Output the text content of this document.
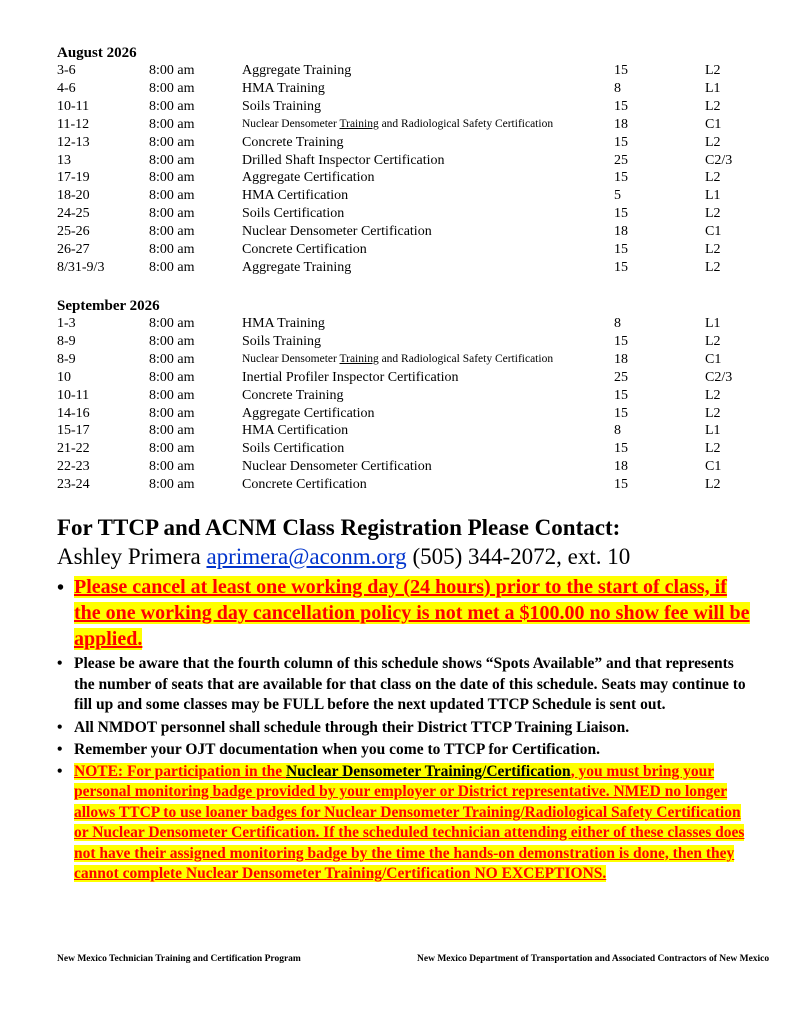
August 2026
3-6	8:00 am	Aggregate Training	15	L2
4-6	8:00 am	HMA Training	8	L1
10-11	8:00 am	Soils Training	15	L2
11-12	8:00 am	Nuclear Densometer Training and Radiological Safety Certification	18	C1
12-13	8:00 am	Concrete Training	15	L2
13	8:00 am	Drilled Shaft Inspector Certification	25	C2/3
17-19	8:00 am	Aggregate Certification	15	L2
18-20	8:00 am	HMA Certification	5	L1
24-25	8:00 am	Soils Certification	15	L2
25-26	8:00 am	Nuclear Densometer Certification	18	C1
26-27	8:00 am	Concrete Certification	15	L2
8/31-9/3	8:00 am	Aggregate Training	15	L2
September 2026
1-3	8:00 am	HMA Training	8	L1
8-9	8:00 am	Soils Training	15	L2
8-9	8:00 am	Nuclear Densometer Training and Radiological Safety Certification	18	C1
10	8:00 am	Inertial Profiler Inspector Certification	25	C2/3
10-11	8:00 am	Concrete Training	15	L2
14-16	8:00 am	Aggregate Certification	15	L2
15-17	8:00 am	HMA Certification	8	L1
21-22	8:00 am	Soils Certification	15	L2
22-23	8:00 am	Nuclear Densometer Certification	18	C1
23-24	8:00 am	Concrete Certification	15	L2
For TTCP and ACNM Class Registration Please Contact:
Ashley Primera aprimera@aconm.org (505) 344-2072, ext. 10
• Please cancel at least one working day (24 hours) prior to the start of class, if the one working day cancellation policy is not met a $100.00 no show fee will be applied.
• Please be aware that the fourth column of this schedule shows “Spots Available” and that represents the number of seats that are available for that class on the date of this schedule. Seats may continue to fill up and some classes may be FULL before the next updated TTCP Schedule is sent out.
• All NMDOT personnel shall schedule through their District TTCP Training Liaison.
• Remember your OJT documentation when you come to TTCP for Certification.
• NOTE: For participation in the Nuclear Densometer Training/Certification, you must bring your personal monitoring badge provided by your employer or District representative. NMED no longer allows TTCP to use loaner badges for Nuclear Densometer Training/Radiological Safety Certification or Nuclear Densometer Certification. If the scheduled technician attending either of these classes does not have their assigned monitoring badge by the time the hands-on demonstration is done, then they cannot complete Nuclear Densometer Training/Certification NO EXCEPTIONS.
New Mexico Technician Training and Certification Program	New Mexico Department of Transportation and Associated Contractors of New Mexico
